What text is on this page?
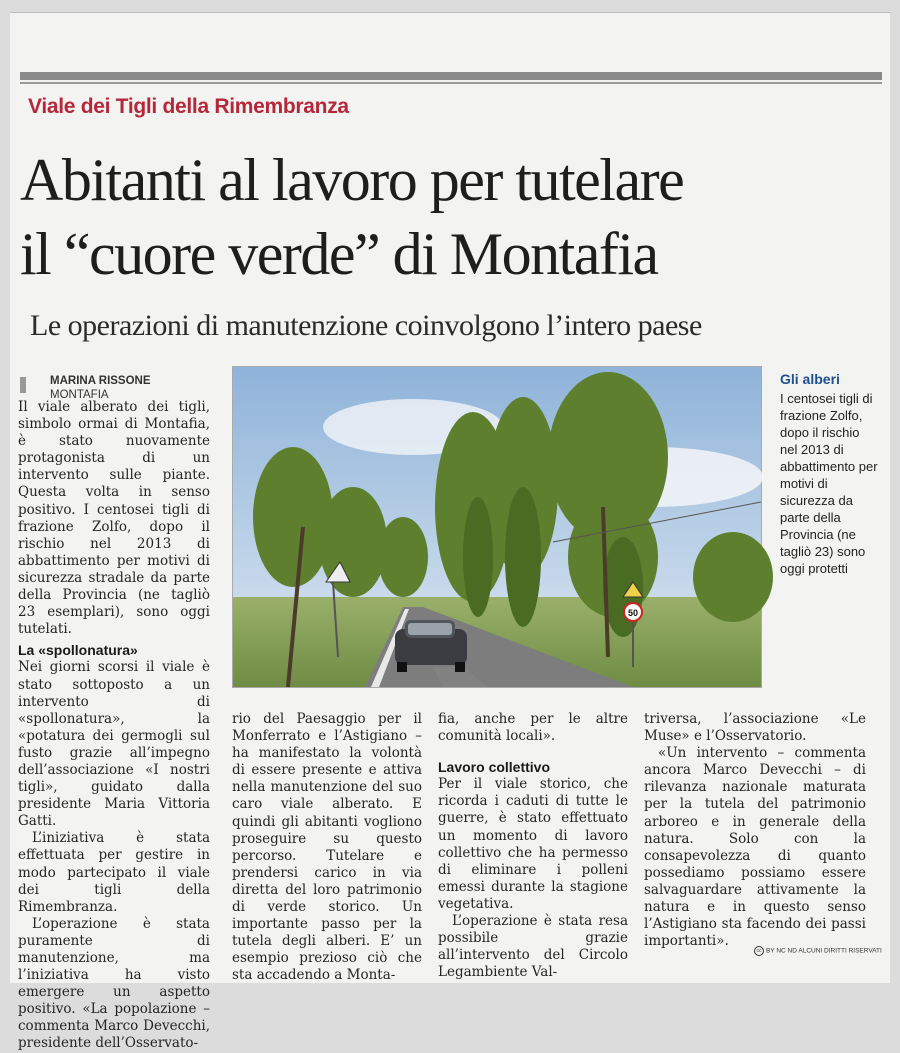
Viale dei Tigli della Rimembranza
Abitanti al lavoro per tutelare
il “cuore verde” di Montafia
Le operazioni di manutenzione coinvolgono l’intero paese
MARINA RISSONE
MONTAFIA

Il viale alberato dei tigli, simbolo ormai di Montafia, è stato nuovamente protagonista di un intervento sulle piante. Questa volta in senso positivo. I centosei tigli di frazione Zolfo, dopo il rischio nel 2013 di abbattimento per motivi di sicurezza stradale da parte della Provincia (ne tagliò 23 esemplari), sono oggi tutelati.

La «spollonatura»

Nei giorni scorsi il viale è stato sottoposto a un intervento di «spollonatura», la «potatura dei germogli sul fusto grazie all’impegno dell’associazione «I nostri tigli», guidato dalla presidente Maria Vittoria Gatti.

L’iniziativa è stata effettuata per gestire in modo partecipato il viale dei tigli della Rimembranza.

L’operazione è stata puramente di manutenzione, ma l’iniziativa ha visto emergere un aspetto positivo. «La popolazione – commenta Marco Devecchi, presidente dell’Osservato-

50
Gli alberi
I centosei tigli di frazione Zolfo, dopo il rischio nel 2013 di abbattimento per motivi di sicurezza da parte della Provincia (ne tagliò 23) sono oggi protetti

rio del Paesaggio per il Monferrato e l’Astigiano – ha manifestato la volontà di essere presente e attiva nella manutenzione del suo caro viale alberato. E quindi gli abitanti vogliono proseguire su questo percorso. Tutelare e prendersi carico in via diretta del loro patrimonio di verde storico. Un importante passo per la tutela degli alberi. E’ un esempio prezioso ciò che sta accadendo a Monta-

fia, anche per le altre comunità locali».

Lavoro collettivo

Per il viale storico, che ricorda i caduti di tutte le guerre, è stato effettuato un momento di lavoro collettivo che ha permesso di eliminare i polleni emessi durante la stagione vegetativa.

L’operazione è stata resa possibile grazie all’intervento del Circolo Legambiente Val-

triversa, l’associazione «Le Muse» e l’Osservatorio.

«Un intervento – commenta ancora Marco Devecchi – di rilevanza nazionale maturata per la tutela del patrimonio arboreo e in generale della natura. Solo con la consapevolezza di quanto possediamo possiamo essere salvaguardare attivamente la natura e in questo senso l’Astigiano sta facendo dei passi importanti».

cc BY NC ND ALCUNI DIRITTI RISERVATI
